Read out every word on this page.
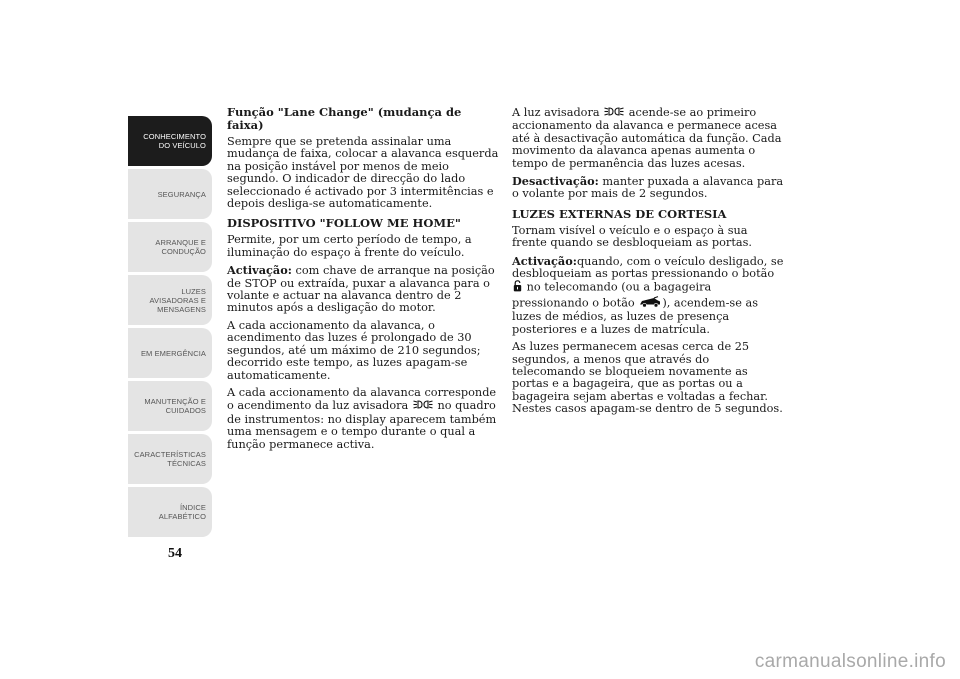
CONHECIMENTO
DO VEÍCULO
SEGURANÇA
ARRANQUE E
CONDUÇÃO
LUZES
AVISADORAS E
MENSAGENS
EM EMERGÊNCIA
MANUTENÇÃO E
CUIDADOS
CARACTERÍSTICAS
TÉCNICAS
ÍNDICE
ALFABÉTICO
54
Função "Lane Change" (mudança de faixa)

Sempre que se pretenda assinalar uma mudança de faixa, colocar a alavanca esquerda na posição instável por menos de meio segundo. O indicador de direcção do lado seleccionado é activado por 3 intermitências e depois desliga-se automaticamente.

DISPOSITIVO "FOLLOW ME HOME"

Permite, por um certo período de tempo, a iluminação do espaço à frente do veículo.

Activação: com chave de arranque na posição de STOP ou extraída, puxar a alavanca para o volante e actuar na alavanca dentro de 2 minutos após a desligação do motor.

A cada accionamento da alavanca, o acendimento das luzes é prolongado de 30 segundos, até um máximo de 210 segundos; decorrido este tempo, as luzes apagam-se automaticamente.

A cada accionamento da alavanca corresponde o acendimento da luz avisadora  no quadro de instrumentos: no display aparecem também uma mensagem e o tempo durante o qual a função permanece activa.

A luz avisadora  acende-se ao primeiro accionamento da alavanca e permanece acesa até à desactivação automática da função. Cada movimento da alavanca apenas aumenta o tempo de permanência das luzes acesas.

Desactivação: manter puxada a alavanca para o volante por mais de 2 segundos.

LUZES EXTERNAS DE CORTESIA

Tornam visível o veículo e o espaço à sua frente quando se desbloqueiam as portas.

Activação:quando, com o veículo desligado, se desbloqueiam as portas pressionando o botão  no telecomando (ou a bagageira pressionando o botão ), acendem-se as luzes de médios, as luzes de presença posteriores e a luzes de matrícula.

As luzes permanecem acesas cerca de 25 segundos, a menos que através do telecomando se bloqueiem novamente as portas e a bagageira, que as portas ou a bagageira sejam abertas e voltadas a fechar. Nestes casos apagam-se dentro de 5 segundos.

carmanualsonline.info
